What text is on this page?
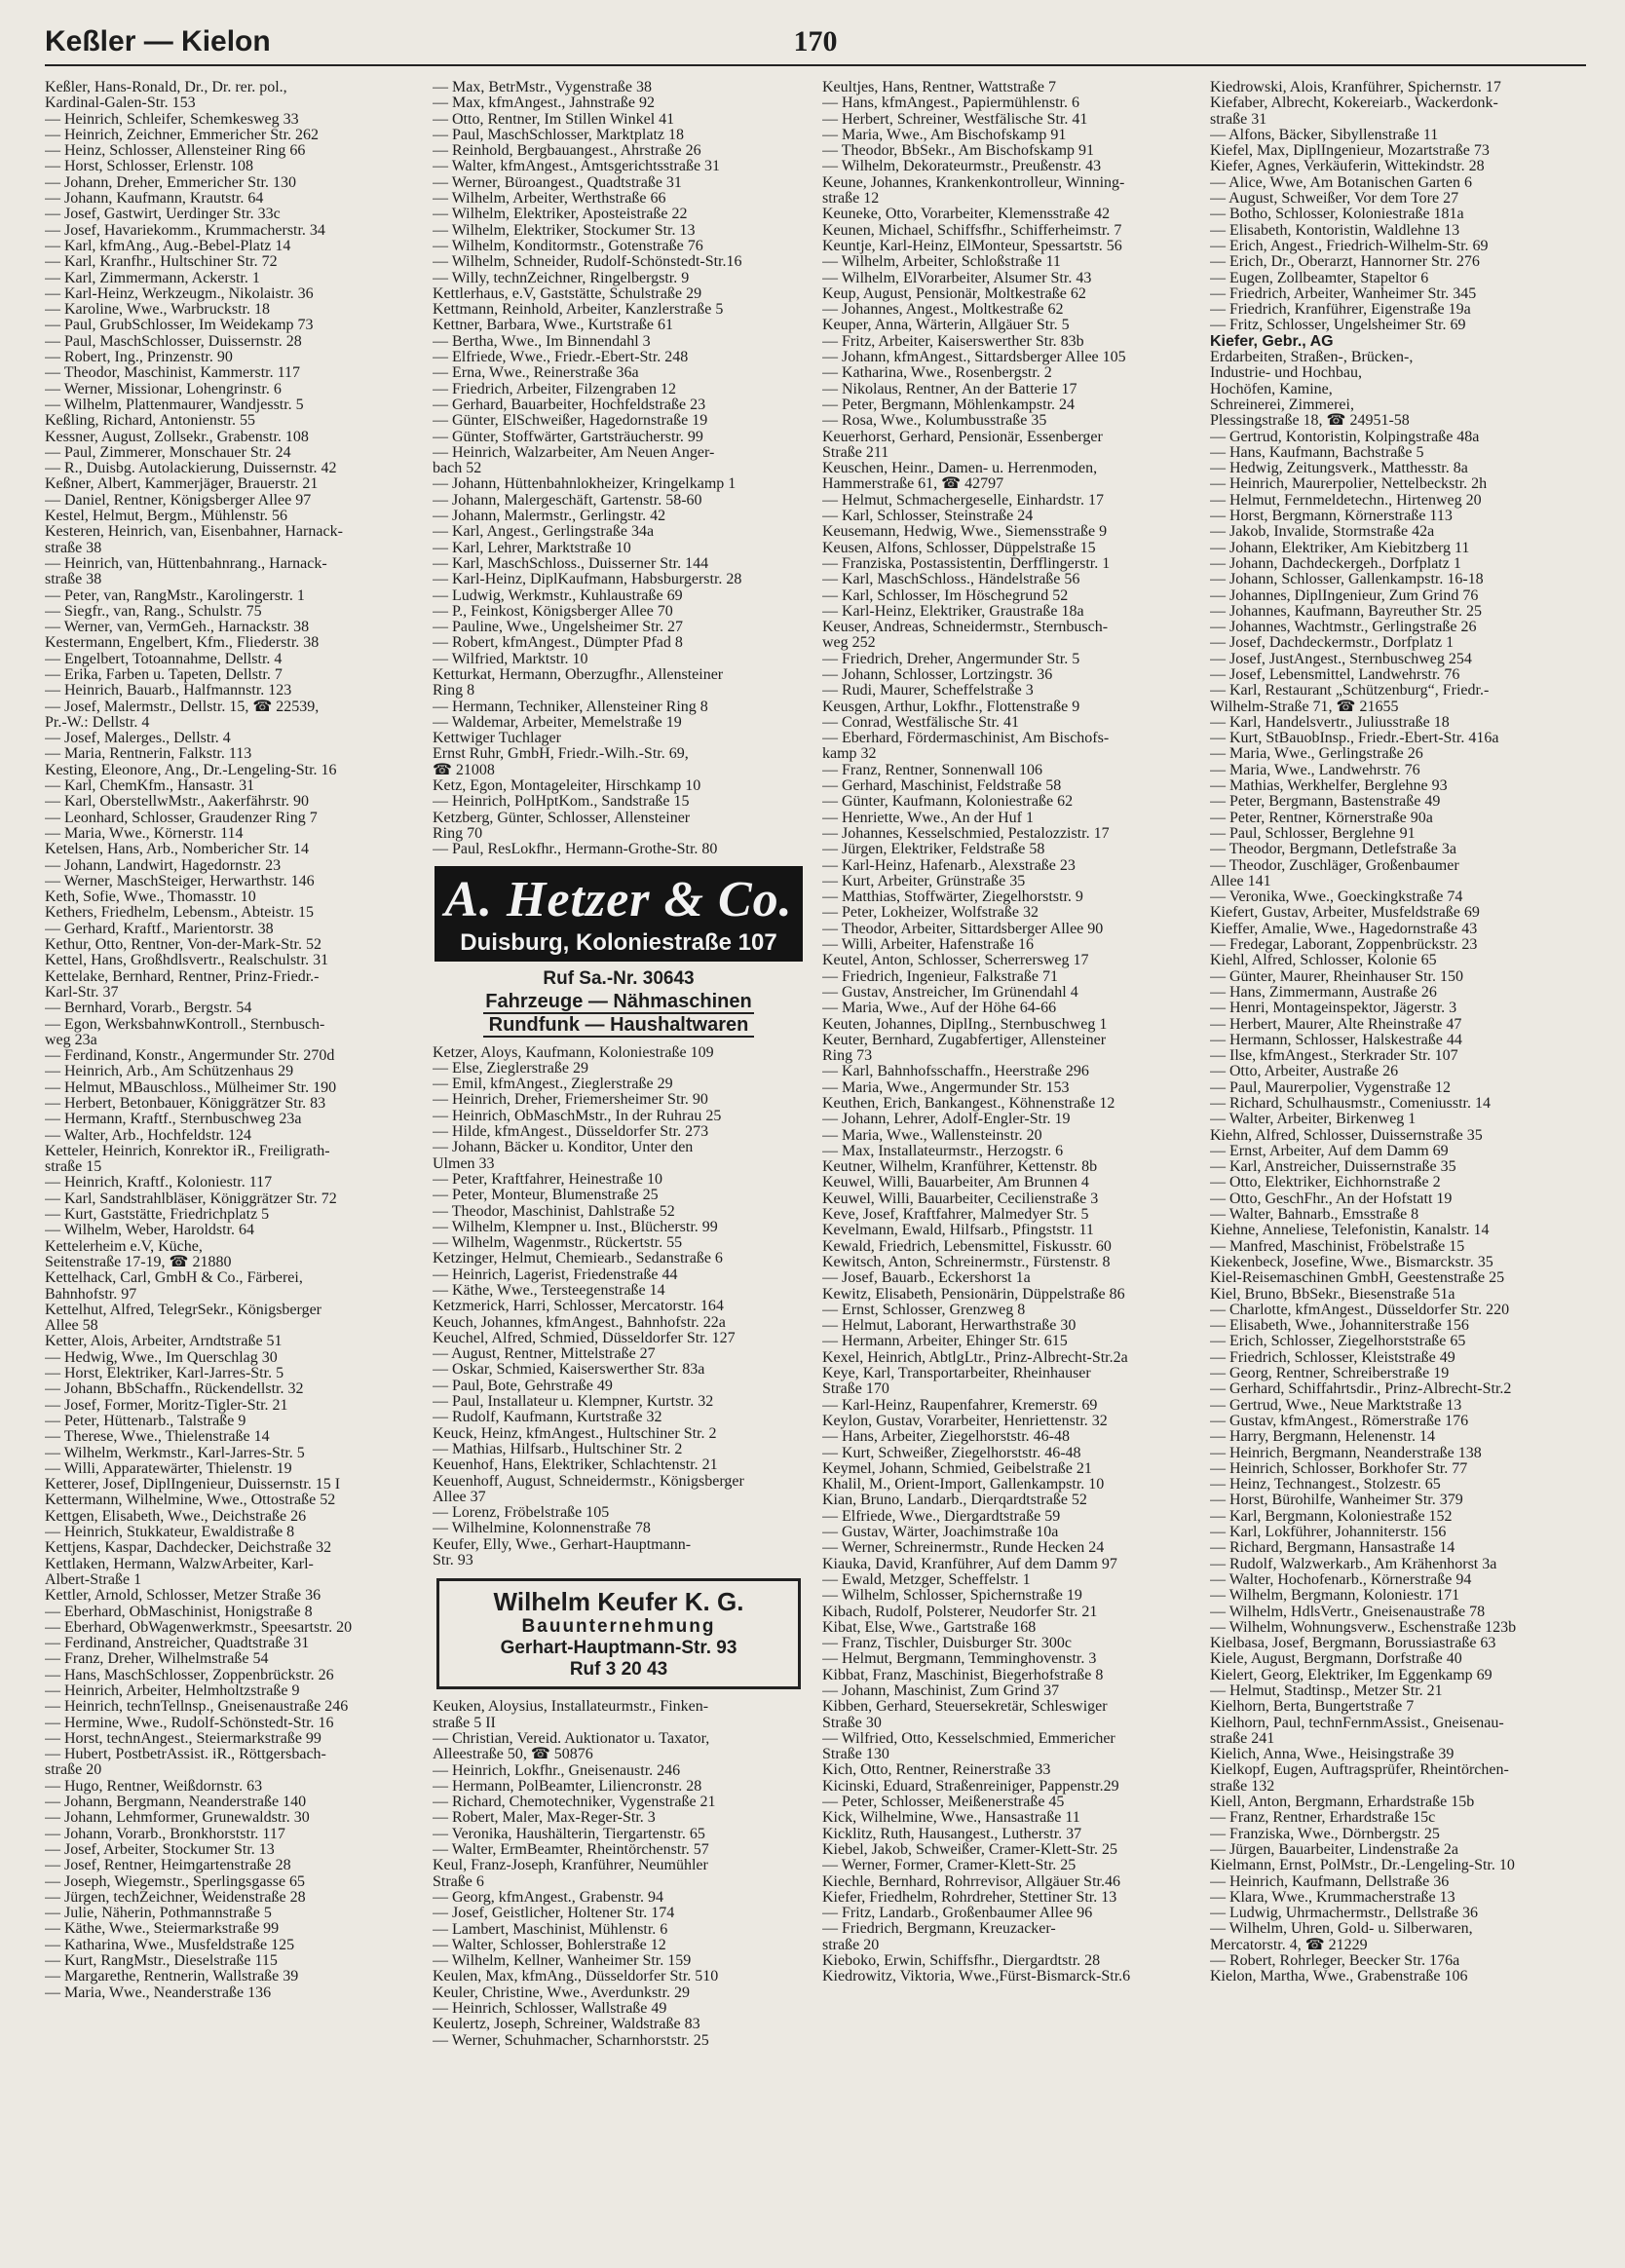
Keßler — Kielon	170
Keßler, Hans-Ronald, Dr., Dr. rer. pol.,
Kardinal-Galen-Str. 153
— Heinrich, Schleifer, Schemkesweg 33
— Heinrich, Zeichner, Emmericher Str. 262
— Heinz, Schlosser, Allensteiner Ring 66
— Horst, Schlosser, Erlenstr. 108
— Johann, Dreher, Emmericher Str. 130
— Johann, Kaufmann, Krautstr. 64
— Josef, Gastwirt, Uerdinger Str. 33c
— Josef, Havariekomm., Krummacherstr. 34
— Karl, kfmAng., Aug.-Bebel-Platz 14
— Karl, Kranfhr., Hultschiner Str. 72
— Karl, Zimmermann, Ackerstr. 1
— Karl-Heinz, Werkzeugm., Nikolaistr. 36
— Karoline, Wwe., Warbruckstr. 18
— Paul, GrubSchlosser, Im Weidekamp 73
— Paul, MaschSchlosser, Duissernstr. 28
— Robert, Ing., Prinzenstr. 90
— Theodor, Maschinist, Kammerstr. 117
— Werner, Missionar, Lohengrinstr. 6
— Wilhelm, Plattenmaurer, Wandjesstr. 5
Keßling, Richard, Antonienstr. 55
Kessner, August, Zollsekr., Grabenstr. 108
— Paul, Zimmerer, Monschauer Str. 24
— R., Duisbg. Autolackierung, Duissernstr. 42
Keßner, Albert, Kammerjäger, Brauerstr. 21
— Daniel, Rentner, Königsberger Allee 97
Kestel, Helmut, Bergm., Mühlenstr. 56
Kesteren, Heinrich, van, Eisenbahner, Harnack-
straße 38
— Heinrich, van, Hüttenbahnrang., Harnack-
straße 38
— Peter, van, RangMstr., Karolingerstr. 1
— Siegfr., van, Rang., Schulstr. 75
— Werner, van, VermGeh., Harnackstr. 38
Kestermann, Engelbert, Kfm., Fliederstr. 38
— Engelbert, Totoannahme, Dellstr. 4
— Erika, Farben u. Tapeten, Dellstr. 7
— Heinrich, Bauarb., Halfmannstr. 123
— Josef, Malermstr., Dellstr. 15, ☎ 22539,
Pr.-W.: Dellstr. 4
— Josef, Malerges., Dellstr. 4
— Maria, Rentnerin, Falkstr. 113
Kesting, Eleonore, Ang., Dr.-Lengeling-Str. 16
— Karl, ChemKfm., Hansastr. 31
— Karl, OberstellwMstr., Aakerfährstr. 90
— Leonhard, Schlosser, Graudenzer Ring 7
— Maria, Wwe., Körnerstr. 114
Ketelsen, Hans, Arb., Nombericher Str. 14
— Johann, Landwirt, Hagedornstr. 23
— Werner, MaschSteiger, Herwarthstr. 146
Keth, Sofie, Wwe., Thomasstr. 10
Kethers, Friedhelm, Lebensm., Abteistr. 15
— Gerhard, Kraftf., Marientorstr. 38
Kethur, Otto, Rentner, Von-der-Mark-Str. 52
Kettel, Hans, Großhdlsvertr., Realschulstr. 31
Kettelake, Bernhard, Rentner, Prinz-Friedr.-
Karl-Str. 37
— Bernhard, Vorarb., Bergstr. 54
— Egon, WerksbahnwKontroll., Sternbusch-
weg 23a
— Ferdinand, Konstr., Angermunder Str. 270d
— Heinrich, Arb., Am Schützenhaus 29
— Helmut, MBauschloss., Mülheimer Str. 190
— Herbert, Betonbauer, Königgrätzer Str. 83
— Hermann, Kraftf., Sternbuschweg 23a
— Walter, Arb., Hochfeldstr. 124
Ketteler, Heinrich, Konrektor iR., Freiligrath-
straße 15
— Heinrich, Kraftf., Koloniestr. 117
— Karl, Sandstrahlbläser, Königgrätzer Str. 72
— Kurt, Gaststätte, Friedrichplatz 5
— Wilhelm, Weber, Haroldstr. 64
Kettelerheim e.V, Küche,
Seitenstraße 17-19, ☎ 21880
Kettelhack, Carl, GmbH & Co., Färberei,
Bahnhofstr. 97
Kettelhut, Alfred, TelegrSekr., Königsberger
Allee 58
Ketter, Alois, Arbeiter, Arndtstraße 51
— Hedwig, Wwe., Im Querschlag 30
— Horst, Elektriker, Karl-Jarres-Str. 5
— Johann, BbSchaffn., Rückendellstr. 32
— Josef, Former, Moritz-Tigler-Str. 21
— Peter, Hüttenarb., Talstraße 9
— Therese, Wwe., Thielenstraße 14
— Wilhelm, Werkmstr., Karl-Jarres-Str. 5
— Willi, Apparatewärter, Thielenstr. 19
Ketterer, Josef, DiplIngenieur, Duissernstr. 15 I
Kettermann, Wilhelmine, Wwe., Ottostraße 52
Kettgen, Elisabeth, Wwe., Deichstraße 26
— Heinrich, Stukkateur, Ewaldistraße 8
Kettjens, Kaspar, Dachdecker, Deichstraße 32
Kettlaken, Hermann, WalzwArbeiter, Karl-
Albert-Straße 1
Kettler, Arnold, Schlosser, Metzer Straße 36
— Eberhard, ObMaschinist, Honigstraße 8
— Eberhard, ObWagenwerkmstr., Speesartstr. 20
— Ferdinand, Anstreicher, Quadtstraße 31
— Franz, Dreher, Wilhelmstraße 54
— Hans, MaschSchlosser, Zoppenbrückstr. 26
— Heinrich, Arbeiter, Helmholtzstraße 9
— Heinrich, technTellnsp., Gneisenaustraße 246
— Hermine, Wwe., Rudolf-Schönstedt-Str. 16
— Horst, technAngest., Steiermarkstraße 99
— Hubert, PostbetrAssist. iR., Röttgersbach-
straße 20
— Hugo, Rentner, Weißdornstr. 63
— Johann, Bergmann, Neanderstraße 140
— Johann, Lehmformer, Grunewaldstr. 30
— Johann, Vorarb., Bronkhorststr. 117
— Josef, Arbeiter, Stockumer Str. 13
— Josef, Rentner, Heimgartenstraße 28
— Joseph, Wiegemstr., Sperlingsgasse 65
— Jürgen, techZeichner, Weidenstraße 28
— Julie, Näherin, Pothmannstraße 5
— Käthe, Wwe., Steiermarkstraße 99
— Katharina, Wwe., Musfeldstraße 125
— Kurt, RangMstr., Dieselstraße 115
— Margarethe, Rentnerin, Wallstraße 39
— Maria, Wwe., Neanderstraße 136
— Max, BetrMstr., Vygenstraße 38
— Max, kfmAngest., Jahnstraße 92
— Otto, Rentner, Im Stillen Winkel 41
— Paul, MaschSchlosser, Marktplatz 18
— Reinhold, Bergbauangest., Ahrstraße 26
— Walter, kfmAngest., Amtsgerichtsstraße 31
— Werner, Büroangest., Quadtstraße 31
— Wilhelm, Arbeiter, Werthstraße 66
— Wilhelm, Elektriker, Aposteistraße 22
— Wilhelm, Elektriker, Stockumer Str. 13
— Wilhelm, Konditormstr., Gotenstraße 76
— Wilhelm, Schneider, Rudolf-Schönstedt-Str.16
— Willy, technZeichner, Ringelbergstr. 9
Kettlerhaus, e.V, Gaststätte, Schulstraße 29
Kettmann, Reinhold, Arbeiter, Kanzlerstraße 5
Kettner, Barbara, Wwe., Kurtstraße 61
— Bertha, Wwe., Im Binnendahl 3
— Elfriede, Wwe., Friedr.-Ebert-Str. 248
— Erna, Wwe., Reinerstraße 36a
— Friedrich, Arbeiter, Filzengraben 12
— Gerhard, Bauarbeiter, Hochfeldstraße 23
— Günter, ElSchweißer, Hagedornstraße 19
— Günter, Stoffwärter, Gartsträucherstr. 99
— Heinrich, Walzarbeiter, Am Neuen Anger-
bach 52
— Johann, Hüttenbahnlokheizer, Kringelkamp 1
— Johann, Malergeschäft, Gartenstr. 58-60
— Johann, Malermstr., Gerlingstr. 42
— Karl, Angest., Gerlingstraße 34a
— Karl, Lehrer, Marktstraße 10
— Karl, MaschSchloss., Duisserner Str. 144
— Karl-Heinz, DiplKaufmann, Habsburgerstr. 28
— Ludwig, Werkmstr., Kuhlaustraße 69
— P., Feinkost, Königsberger Allee 70
— Pauline, Wwe., Ungelsheimer Str. 27
— Robert, kfmAngest., Dümpter Pfad 8
— Wilfried, Marktstr. 10
Ketturkat, Hermann, Oberzugfhr., Allensteiner
Ring 8
— Hermann, Techniker, Allensteiner Ring 8
— Waldemar, Arbeiter, Memelstraße 19
Kettwiger Tuchlager
Ernst Ruhr, GmbH, Friedr.-Wilh.-Str. 69,
☎ 21008
Ketz, Egon, Montageleiter, Hirschkamp 10
— Heinrich, PolHptKom., Sandstraße 15
Ketzberg, Günter, Schlosser, Allensteiner
Ring 70
— Paul, ResLokfhr., Hermann-Grothe-Str. 80
A. Hetzer & Co.
Duisburg, Koloniestraße 107
Ruf Sa.-Nr. 30643
Fahrzeuge — Nähmaschinen
Rundfunk — Haushaltwaren
Ketzer, Aloys, Kaufmann, Koloniestraße 109
— Else, Zieglerstraße 29
— Emil, kfmAngest., Zieglerstraße 29
— Heinrich, Dreher, Friemersheimer Str. 90
— Heinrich, ObMaschMstr., In der Ruhrau 25
— Hilde, kfmAngest., Düsseldorfer Str. 273
— Johann, Bäcker u. Konditor, Unter den
Ulmen 33
— Peter, Kraftfahrer, Heinestraße 10
— Peter, Monteur, Blumenstraße 25
— Theodor, Maschinist, Dahlstraße 52
— Wilhelm, Klempner u. Inst., Blücherstr. 99
— Wilhelm, Wagenmstr., Rückertstr. 55
Ketzinger, Helmut, Chemiearb., Sedanstraße 6
— Heinrich, Lagerist, Friedenstraße 44
— Käthe, Wwe., Tersteegenstraße 14
Ketzmerick, Harri, Schlosser, Mercatorstr. 164
Keuch, Johannes, kfmAngest., Bahnhofstr. 22a
Keuchel, Alfred, Schmied, Düsseldorfer Str. 127
— August, Rentner, Mittelstraße 27
— Oskar, Schmied, Kaiserswerther Str. 83a
— Paul, Bote, Gehrstraße 49
— Paul, Installateur u. Klempner, Kurtstr. 32
— Rudolf, Kaufmann, Kurtstraße 32
Keuck, Heinz, kfmAngest., Hultschiner Str. 2
— Mathias, Hilfsarb., Hultschiner Str. 2
Keuenhof, Hans, Elektriker, Schlachtenstr. 21
Keuenhoff, August, Schneidermstr., Königsberger
Allee 37
— Lorenz, Fröbelstraße 105
— Wilhelmine, Kolonnenstraße 78
Keufer, Elly, Wwe., Gerhart-Hauptmann-
Str. 93
Wilhelm Keufer K. G.
Bauunternehmung
Gerhart-Hauptmann-Str. 93
Ruf 3 20 43
Keuken, Aloysius, Installateurmstr., Finken-
straße 5 II
— Christian, Vereid. Auktionator u. Taxator,
Alleestraße 50, ☎ 50876
— Heinrich, Lokfhr., Gneisenaustr. 246
— Hermann, PolBeamter, Liliencronstr. 28
— Richard, Chemotechniker, Vygenstraße 21
— Robert, Maler, Max-Reger-Str. 3
— Veronika, Haushälterin, Tiergartenstr. 65
— Walter, ErmBeamter, Rheintörchenstr. 57
Keul, Franz-Joseph, Kranführer, Neumühler
Straße 6
— Georg, kfmAngest., Grabenstr. 94
— Josef, Geistlicher, Holtener Str. 174
— Lambert, Maschinist, Mühlenstr. 6
— Walter, Schlosser, Bohlerstraße 12
— Wilhelm, Kellner, Wanheimer Str. 159
Keulen, Max, kfmAng., Düsseldorfer Str. 510
Keuler, Christine, Wwe., Averdunkstr. 29
— Heinrich, Schlosser, Wallstraße 49
Keulertz, Joseph, Schreiner, Waldstraße 83
— Werner, Schuhmacher, Scharnhorststr. 25
Keultjes, Hans, Rentner, Wattstraße 7
— Hans, kfmAngest., Papiermühlenstr. 6
— Herbert, Schreiner, Westfälische Str. 41
— Maria, Wwe., Am Bischofskamp 91
— Theodor, BbSekr., Am Bischofskamp 91
— Wilhelm, Dekorateurmstr., Preußenstr. 43
Keune, Johannes, Krankenkontrolleur, Winning-
straße 12
Keuneke, Otto, Vorarbeiter, Klemensstraße 42
Keunen, Michael, Schiffsfhr., Schifferheimstr. 7
Keuntje, Karl-Heinz, ElMonteur, Spessartstr. 56
— Wilhelm, Arbeiter, Schloßstraße 11
— Wilhelm, ElVorarbeiter, Alsumer Str. 43
Keup, August, Pensionär, Moltkestraße 62
— Johannes, Angest., Moltkestraße 62
Keuper, Anna, Wärterin, Allgäuer Str. 5
— Fritz, Arbeiter, Kaiserswerther Str. 83b
— Johann, kfmAngest., Sittardsberger Allee 105
— Katharina, Wwe., Rosenbergstr. 2
— Nikolaus, Rentner, An der Batterie 17
— Peter, Bergmann, Möhlenkampstr. 24
— Rosa, Wwe., Kolumbusstraße 35
Keuerhorst, Gerhard, Pensionär, Essenberger
Straße 211
Keuschen, Heinr., Damen- u. Herrenmoden,
Hammerstraße 61, ☎ 42797
— Helmut, Schmachergeselle, Einhardstr. 17
— Karl, Schlosser, Steinstraße 24
Keusemann, Hedwig, Wwe., Siemensstraße 9
Keusen, Alfons, Schlosser, Düppelstraße 15
— Franziska, Postassistentin, Derfflingerstr. 1
— Karl, MaschSchloss., Händelstraße 56
— Karl, Schlosser, Im Höschegrund 52
— Karl-Heinz, Elektriker, Graustraße 18a
Keuser, Andreas, Schneidermstr., Sternbusch-
weg 252
— Friedrich, Dreher, Angermunder Str. 5
— Johann, Schlosser, Lortzingstr. 36
— Rudi, Maurer, Scheffelstraße 3
Keusgen, Arthur, Lokfhr., Flottenstraße 9
— Conrad, Westfälische Str. 41
— Eberhard, Fördermaschinist, Am Bischofs-
kamp 32
— Franz, Rentner, Sonnenwall 106
— Gerhard, Maschinist, Feldstraße 58
— Günter, Kaufmann, Koloniestraße 62
— Henriette, Wwe., An der Huf 1
— Johannes, Kesselschmied, Pestalozzistr. 17
— Jürgen, Elektriker, Feldstraße 58
— Karl-Heinz, Hafenarb., Alexstraße 23
— Kurt, Arbeiter, Grünstraße 35
— Matthias, Stoffwärter, Ziegelhorststr. 9
— Peter, Lokheizer, Wolfstraße 32
— Theodor, Arbeiter, Sittardsberger Allee 90
— Willi, Arbeiter, Hafenstraße 16
Keutel, Anton, Schlosser, Scherrersweg 17
— Friedrich, Ingenieur, Falkstraße 71
— Gustav, Anstreicher, Im Grünendahl 4
— Maria, Wwe., Auf der Höhe 64-66
Keuten, Johannes, DiplIng., Sternbuschweg 1
Keuter, Bernhard, Zugabfertiger, Allensteiner
Ring 73
— Karl, Bahnhofsschaffn., Heerstraße 296
— Maria, Wwe., Angermunder Str. 153
Keuthen, Erich, Bankangest., Köhnenstraße 12
— Johann, Lehrer, Adolf-Engler-Str. 19
— Maria, Wwe., Wallensteinstr. 20
— Max, Installateurmstr., Herzogstr. 6
Keutner, Wilhelm, Kranführer, Kettenstr. 8b
Keuwel, Willi, Bauarbeiter, Am Brunnen 4
Keuwel, Willi, Bauarbeiter, Cecilienstraße 3
Keve, Josef, Kraftfahrer, Malmedyer Str. 5
Kevelmann, Ewald, Hilfsarb., Pfingststr. 11
Kewald, Friedrich, Lebensmittel, Fiskusstr. 60
Kewitsch, Anton, Schreinermstr., Fürstenstr. 8
— Josef, Bauarb., Eckershorst 1a
Kewitz, Elisabeth, Pensionärin, Düppelstraße 86
— Ernst, Schlosser, Grenzweg 8
— Helmut, Laborant, Herwarthstraße 30
— Hermann, Arbeiter, Ehinger Str. 615
Kexel, Heinrich, AbtlgLtr., Prinz-Albrecht-Str.2a
Keye, Karl, Transportarbeiter, Rheinhauser
Straße 170
— Karl-Heinz, Raupenfahrer, Kremerstr. 69
Keylon, Gustav, Vorarbeiter, Henriettenstr. 32
— Hans, Arbeiter, Ziegelhorststr. 46-48
— Kurt, Schweißer, Ziegelhorststr. 46-48
Keymel, Johann, Schmied, Geibelstraße 21
Khalil, M., Orient-Import, Gallenkampstr. 10
Kian, Bruno, Landarb., Dierqardtstraße 52
— Elfriede, Wwe., Diergardtstraße 59
— Gustav, Wärter, Joachimstraße 10a
— Werner, Schreinermstr., Runde Hecken 24
Kiauka, David, Kranführer, Auf dem Damm 97
— Ewald, Metzger, Scheffelstr. 1
— Wilhelm, Schlosser, Spichernstraße 19
Kibach, Rudolf, Polsterer, Neudorfer Str. 21
Kibat, Else, Wwe., Gartstraße 168
— Franz, Tischler, Duisburger Str. 300c
— Helmut, Bergmann, Temminghovenstr. 3
Kibbat, Franz, Maschinist, Biegerhofstraße 8
— Johann, Maschinist, Zum Grind 37
Kibben, Gerhard, Steuersekretär, Schleswiger
Straße 30
— Wilfried, Otto, Kesselschmied, Emmericher
Straße 130
Kich, Otto, Rentner, Reinerstraße 33
Kicinski, Eduard, Straßenreiniger, Pappenstr.29
— Peter, Schlosser, Meißenerstraße 45
Kick, Wilhelmine, Wwe., Hansastraße 11
Kicklitz, Ruth, Hausangest., Lutherstr. 37
Kiebel, Jakob, Schweißer, Cramer-Klett-Str. 25
— Werner, Former, Cramer-Klett-Str. 25
Kiechle, Bernhard, Rohrrevisor, Allgäuer Str.46
Kiefer, Friedhelm, Rohrdreher, Stettiner Str. 13
— Fritz, Landarb., Großenbaumer Allee 96
— Friedrich, Bergmann, Kreuzacker-
straße 20
Kieboko, Erwin, Schiffsfhr., Diergardtstr. 28
Kiedrowitz, Viktoria, Wwe.,Fürst-Bismarck-Str.6
Kiedrowski, Alois, Kranführer, Spichernstr. 17
Kiefaber, Albrecht, Kokereiarb., Wackerdonk-
straße 31
— Alfons, Bäcker, Sibyllenstraße 11
Kiefel, Max, DiplIngenieur, Mozartstraße 73
Kiefer, Agnes, Verkäuferin, Wittekindstr. 28
— Alice, Wwe, Am Botanischen Garten 6
— August, Schweißer, Vor dem Tore 27
— Botho, Schlosser, Koloniestraße 181a
— Elisabeth, Kontoristin, Waldlehne 13
— Erich, Angest., Friedrich-Wilhelm-Str. 69
— Erich, Dr., Oberarzt, Hannorner Str. 276
— Eugen, Zollbeamter, Stapeltor 6
— Friedrich, Arbeiter, Wanheimer Str. 345
— Friedrich, Kranführer, Eigenstraße 19a
— Fritz, Schlosser, Ungelsheimer Str. 69
Kiefer, Gebr., AG
Erdarbeiten, Straßen-, Brücken-,
Industrie- und Hochbau,
Hochöfen, Kamine,
Schreinerei, Zimmerei,
Plessingstraße 18, ☎ 24951-58
— Gertrud, Kontoristin, Kolpingstraße 48a
— Hans, Kaufmann, Bachstraße 5
— Hedwig, Zeitungsverk., Matthesstr. 8a
— Heinrich, Maurerpolier, Nettelbeckstr. 2h
— Helmut, Fernmeldetechn., Hirtenweg 20
— Horst, Bergmann, Körnerstraße 113
— Jakob, Invalide, Stormstraße 42a
— Johann, Elektriker, Am Kiebitzberg 11
— Johann, Dachdeckergeh., Dorfplatz 1
— Johann, Schlosser, Gallenkampstr. 16-18
— Johannes, DiplIngenieur, Zum Grind 76
— Johannes, Kaufmann, Bayreuther Str. 25
— Johannes, Wachtmstr., Gerlingstraße 26
— Josef, Dachdeckermstr., Dorfplatz 1
— Josef, JustAngest., Sternbuschweg 254
— Josef, Lebensmittel, Landwehrstr. 76
— Karl, Restaurant „Schützenburg“, Friedr.-
Wilhelm-Straße 71, ☎ 21655
— Karl, Handelsvertr., Juliusstraße 18
— Kurt, StBauobInsp., Friedr.-Ebert-Str. 416a
— Maria, Wwe., Gerlingstraße 26
— Maria, Wwe., Landwehrstr. 76
— Mathias, Werkhelfer, Berglehne 93
— Peter, Bergmann, Bastenstraße 49
— Peter, Rentner, Körnerstraße 90a
— Paul, Schlosser, Berglehne 91
— Theodor, Bergmann, Detlefstraße 3a
— Theodor, Zuschläger, Großenbaumer
Allee 141
— Veronika, Wwe., Goeckingkstraße 74
Kiefert, Gustav, Arbeiter, Musfeldstraße 69
Kieffer, Amalie, Wwe., Hagedornstraße 43
— Fredegar, Laborant, Zoppenbrückstr. 23
Kiehl, Alfred, Schlosser, Kolonie 65
— Günter, Maurer, Rheinhauser Str. 150
— Hans, Zimmermann, Austraße 26
— Henri, Montageinspektor, Jägerstr. 3
— Herbert, Maurer, Alte Rheinstraße 47
— Hermann, Schlosser, Halskestraße 44
— Ilse, kfmAngest., Sterkrader Str. 107
— Otto, Arbeiter, Austraße 26
— Paul, Maurerpolier, Vygenstraße 12
— Richard, Schulhausmstr., Comeniusstr. 14
— Walter, Arbeiter, Birkenweg 1
Kiehn, Alfred, Schlosser, Duissernstraße 35
— Ernst, Arbeiter, Auf dem Damm 69
— Karl, Anstreicher, Duissernstraße 35
— Otto, Elektriker, Eichhornstraße 2
— Otto, GeschFhr., An der Hofstatt 19
— Walter, Bahnarb., Emsstraße 8
Kiehne, Anneliese, Telefonistin, Kanalstr. 14
— Manfred, Maschinist, Fröbelstraße 15
Kiekenbeck, Josefine, Wwe., Bismarckstr. 35
Kiel-Reisemaschinen GmbH, Geestenstraße 25
Kiel, Bruno, BbSekr., Biesenstraße 51a
— Charlotte, kfmAngest., Düsseldorfer Str. 220
— Elisabeth, Wwe., Johanniterstraße 156
— Erich, Schlosser, Ziegelhorststraße 65
— Friedrich, Schlosser, Kleiststraße 49
— Georg, Rentner, Schreiberstraße 19
— Gerhard, Schiffahrtsdir., Prinz-Albrecht-Str.2
— Gertrud, Wwe., Neue Marktstraße 13
— Gustav, kfmAngest., Römerstraße 176
— Harry, Bergmann, Helenenstr. 14
— Heinrich, Bergmann, Neanderstraße 138
— Heinrich, Schlosser, Borkhofer Str. 77
— Heinz, Technangest., Stolzestr. 65
— Horst, Bürohilfe, Wanheimer Str. 379
— Karl, Bergmann, Koloniestraße 152
— Karl, Lokführer, Johanniterstr. 156
— Richard, Bergmann, Hansastraße 14
— Rudolf, Walzwerkarb., Am Krähenhorst 3a
— Walter, Hochofenarb., Körnerstraße 94
— Wilhelm, Bergmann, Koloniestr. 171
— Wilhelm, HdlsVertr., Gneisenaustraße 78
— Wilhelm, Wohnungsverw., Eschenstraße 123b
Kielbasa, Josef, Bergmann, Borussiastraße 63
Kiele, August, Bergmann, Dorfstraße 40
Kielert, Georg, Elektriker, Im Eggenkamp 69
— Helmut, Stadtinsp., Metzer Str. 21
Kielhorn, Berta, Bungertstraße 7
Kielhorn, Paul, technFernmAssist., Gneisenau-
straße 241
Kielich, Anna, Wwe., Heisingstraße 39
Kielkopf, Eugen, Auftragsprüfer, Rheintörchen-
straße 132
Kiell, Anton, Bergmann, Erhardstraße 15b
— Franz, Rentner, Erhardstraße 15c
— Franziska, Wwe., Dörnbergstr. 25
— Jürgen, Bauarbeiter, Lindenstraße 2a
Kielmann, Ernst, PolMstr., Dr.-Lengeling-Str. 10
— Heinrich, Kaufmann, Dellstraße 36
— Klara, Wwe., Krummacherstraße 13
— Ludwig, Uhrmachermstr., Dellstraße 36
— Wilhelm, Uhren, Gold- u. Silberwaren,
Mercatorstr. 4, ☎ 21229
— Robert, Rohrleger, Beecker Str. 176a
Kielon, Martha, Wwe., Grabenstraße 106
